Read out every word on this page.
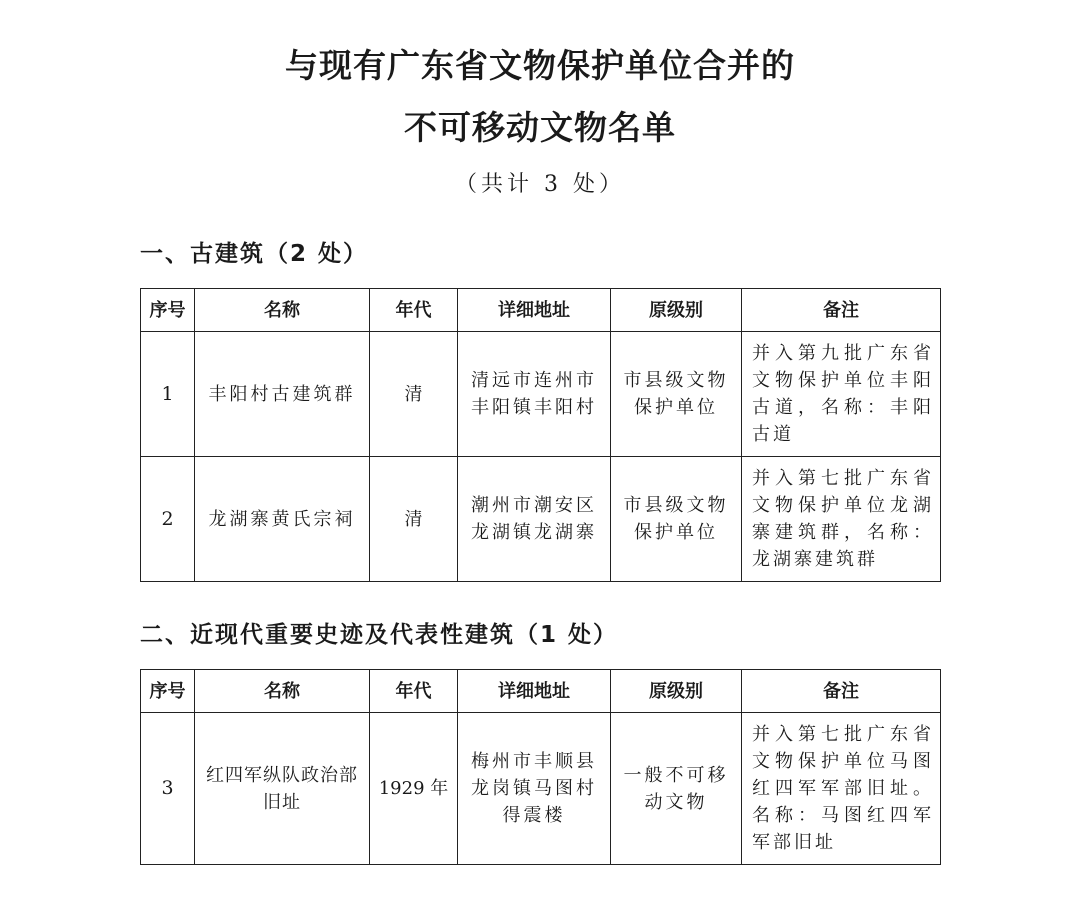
与现有广东省文物保护单位合并的
不可移动文物名单
（共计 3 处）
一、古建筑（2 处）
序号	名称	年代	详细地址	原级别	备注
1	丰阳村古建筑群	清	清远市连州市丰阳镇丰阳村	市县级文物保护单位	并入第九批广东省文物保护单位丰阳古道，名称：丰阳古道
2	龙湖寨黄氏宗祠	清	潮州市潮安区龙湖镇龙湖寨	市县级文物保护单位	并入第七批广东省文物保护单位龙湖寨建筑群，名称：龙湖寨建筑群
二、近现代重要史迹及代表性建筑（1 处）
序号	名称	年代	详细地址	原级别	备注
3	红四军纵队政治部旧址	1929 年	梅州市丰顺县龙岗镇马图村得震楼	一般不可移动文物	并入第七批广东省文物保护单位马图红四军军部旧址。名称：马图红四军军部旧址
